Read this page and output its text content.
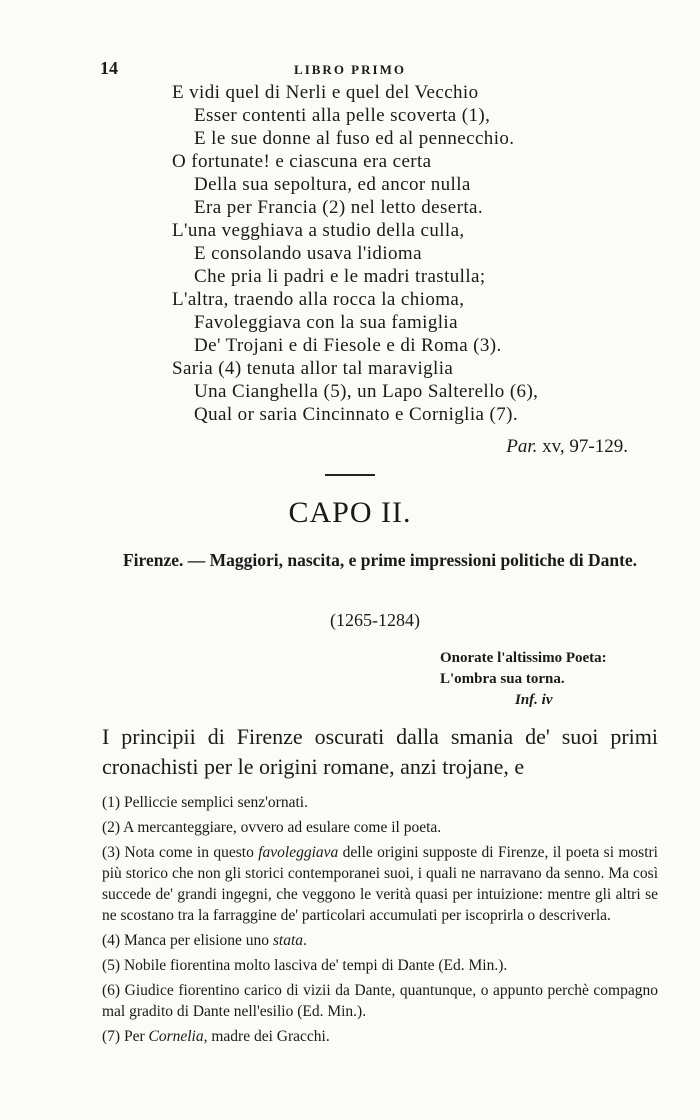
14	LIBRO PRIMO
E vidi quel di Nerli e quel del Vecchio
Esser contenti alla pelle scoverta (1),
E le sue donne al fuso ed al pennecchio.
O fortunate! e ciascuna era certa
Della sua sepoltura, ed ancor nulla
Era per Francia (2) nel letto deserta.
L'una vegghiava a studio della culla,
E consolando usava l'idioma
Che pria li padri e le madri trastulla;
L'altra, traendo alla rocca la chioma,
Favoleggiava con la sua famiglia
De' Trojani e di Fiesole e di Roma (3).
Saria (4) tenuta allor tal maraviglia
Una Cianghella (5), un Lapo Salterello (6),
Qual or saria Cincinnato e Corniglia (7).
Par. xv, 97-129.
CAPO II.
Firenze. — Maggiori, nascita, e prime impressioni politiche di Dante.
(1265-1284)
Onorate l'altissimo Poeta:
L'ombra sua torna.
Inf. iv
I principii di Firenze oscurati dalla smania de' suoi primi cronachisti per le origini romane, anzi trojane, e

(1) Pelliccie semplici senz'ornati.

(2) A mercanteggiare, ovvero ad esulare come il poeta.

(3) Nota come in questo favoleggiava delle origini supposte di Firenze, il poeta si mostri più storico che non gli storici contemporanei suoi, i quali ne narravano da senno. Ma così succede de' grandi ingegni, che veggono le verità quasi per intuizione: mentre gli altri se ne scostano tra la farraggine de' particolari accumulati per iscoprirla o descriverla.

(4) Manca per elisione uno stata.

(5) Nobile fiorentina molto lasciva de' tempi di Dante (Ed. Min.).

(6) Giudice fiorentino carico di vizii da Dante, quantunque, o appunto perchè compagno mal gradito di Dante nell'esilio (Ed. Min.).

(7) Per Cornelia, madre dei Gracchi.
